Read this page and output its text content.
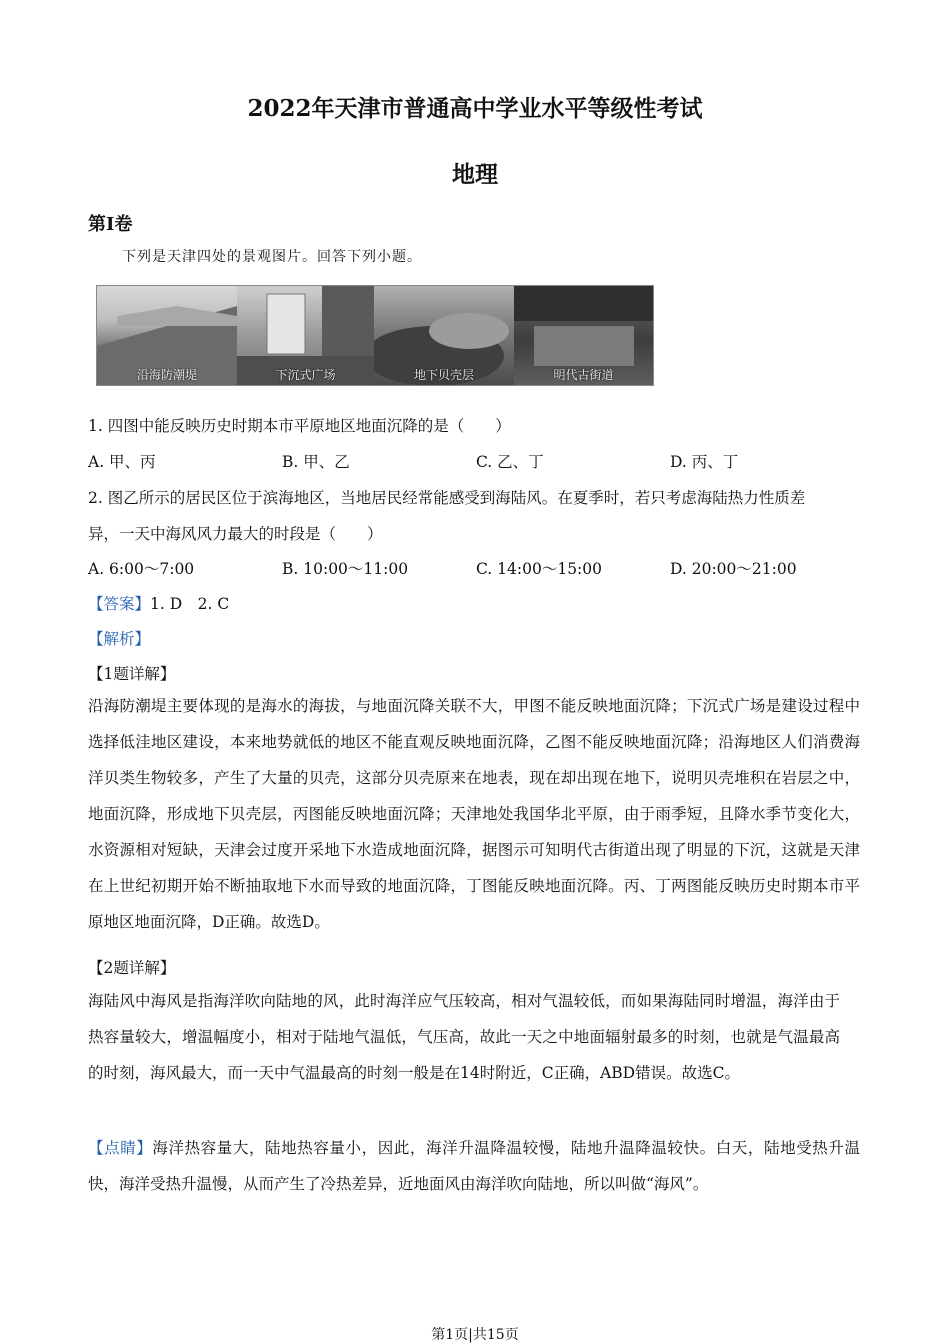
2022年天津市普通高中学业水平等级性考试
地理
第Ⅰ卷
下列是天津四处的景观图片。回答下列小题。
沿海防潮堤	下沉式广场	地下贝壳层	明代古街道
1. 四图中能反映历史时期本市平原地区地面沉降的是（　　）
A. 甲、丙	B. 甲、乙	C. 乙、丁	D. 丙、丁
2. 图乙所示的居民区位于滨海地区，当地居民经常能感受到海陆风。在夏季时，若只考虑海陆热力性质差
异，一天中海风风力最大的时段是（　　）
A. 6:00～7:00	B. 10:00～11:00	C. 14:00～15:00	D. 20:00～21:00
【答案】1. D　2. C
【解析】
【1题详解】
沿海防潮堤主要体现的是海水的海拔，与地面沉降关联不大，甲图不能反映地面沉降；下沉式广场是建设过程中选择低洼地区建设，本来地势就低的地区不能直观反映地面沉降，乙图不能反映地面沉降；沿海地区人们消费海洋贝类生物较多，产生了大量的贝壳，这部分贝壳原来在地表，现在却出现在地下，说明贝壳堆积在岩层之中，地面沉降，形成地下贝壳层，丙图能反映地面沉降；天津地处我国华北平原，由于雨季短，且降水季节变化大，水资源相对短缺，天津会过度开采地下水造成地面沉降，据图示可知明代古街道出现了明显的下沉，这就是天津在上世纪初期开始不断抽取地下水而导致的地面沉降，丁图能反映地面沉降。丙、丁两图能反映历史时期本市平原地区地面沉降，D正确。故选D。
【2题详解】
海陆风中海风是指海洋吹向陆地的风，此时海洋应气压较高，相对气温较低，而如果海陆同时增温，海洋由于热容量较大，增温幅度小，相对于陆地气温低，气压高，故此一天之中地面辐射最多的时刻，也就是气温最高的时刻，海风最大，而一天中气温最高的时刻一般是在14时附近，C正确，ABD错误。故选C。
【点睛】海洋热容量大，陆地热容量小，因此，海洋升温降温较慢，陆地升温降温较快。白天，陆地受热升温快，海洋受热升温慢，从而产生了冷热差异，近地面风由海洋吹向陆地，所以叫做“海风”。
第1页|共15页
